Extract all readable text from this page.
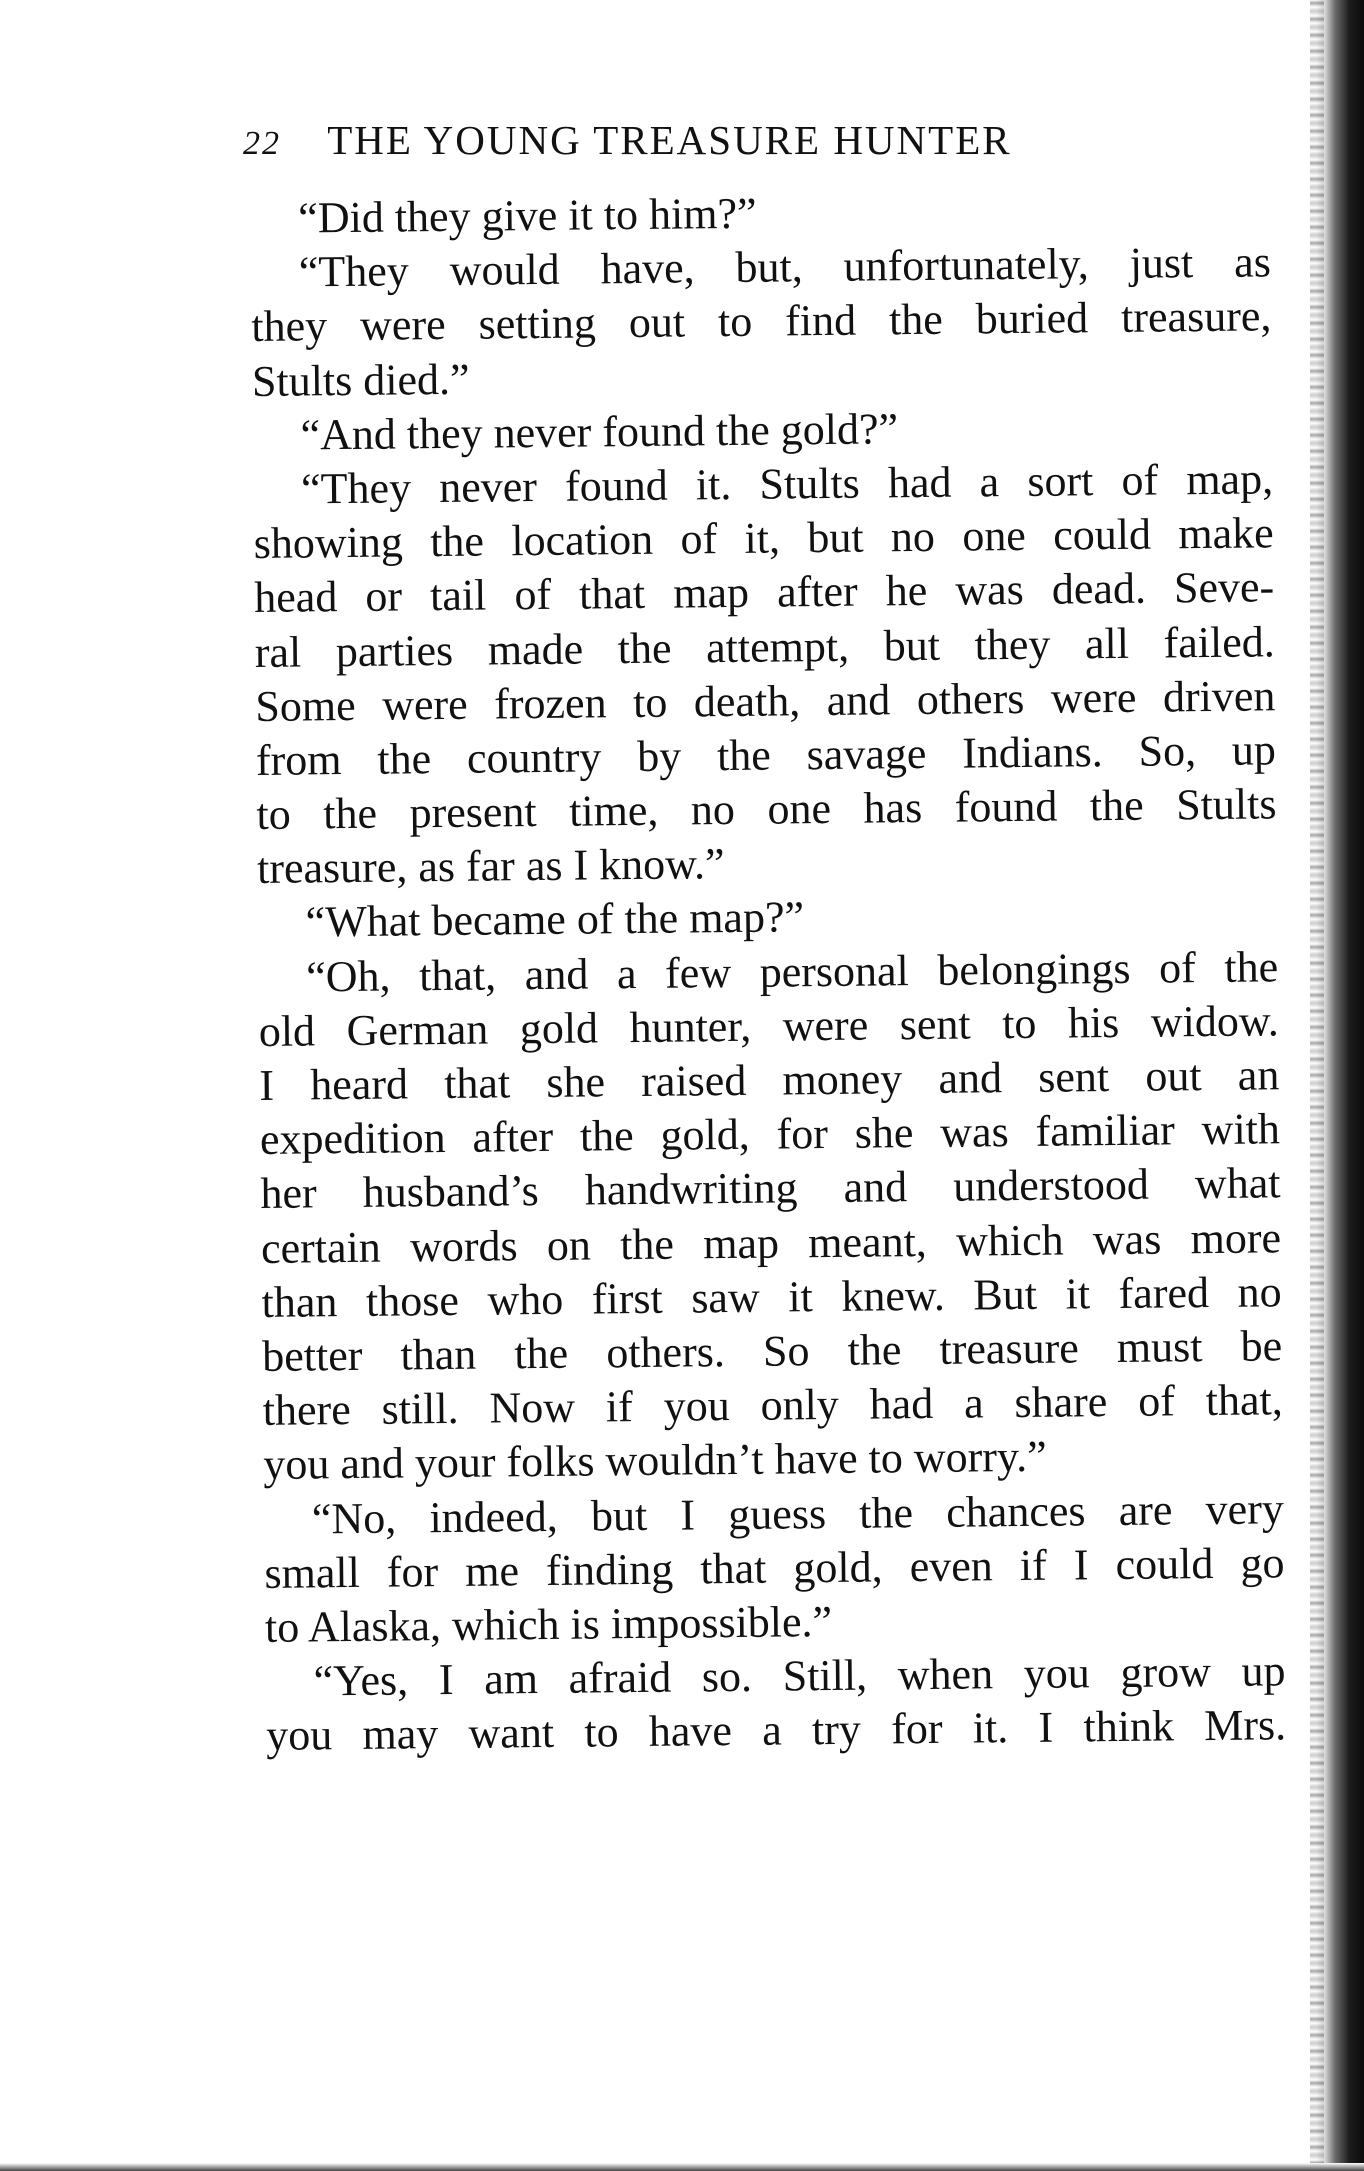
22 THE YOUNG TREASURE HUNTER
“Did they give it to him?”
“They would have, but, unfortunately, just as
they were setting out to find the buried treasure,
Stults died.”
“And they never found the gold?”
“They never found it. Stults had a sort of map,
showing the location of it, but no one could make
head or tail of that map after he was dead. Seve-
ral parties made the attempt, but they all failed.
Some were frozen to death, and others were driven
from the country by the savage Indians. So, up
to the present time, no one has found the Stults
treasure, as far as I know.”
“What became of the map?”
“Oh, that, and a few personal belongings of the
old German gold hunter, were sent to his widow.
I heard that she raised money and sent out an
expedition after the gold, for she was familiar with
her husband’s handwriting and understood what
certain words on the map meant, which was more
than those who first saw it knew. But it fared no
better than the others. So the treasure must be
there still. Now if you only had a share of that,
you and your folks wouldn’t have to worry.”
“No, indeed, but I guess the chances are very
small for me finding that gold, even if I could go
to Alaska, which is impossible.”
“Yes, I am afraid so. Still, when you grow up
you may want to have a try for it. I think Mrs.
